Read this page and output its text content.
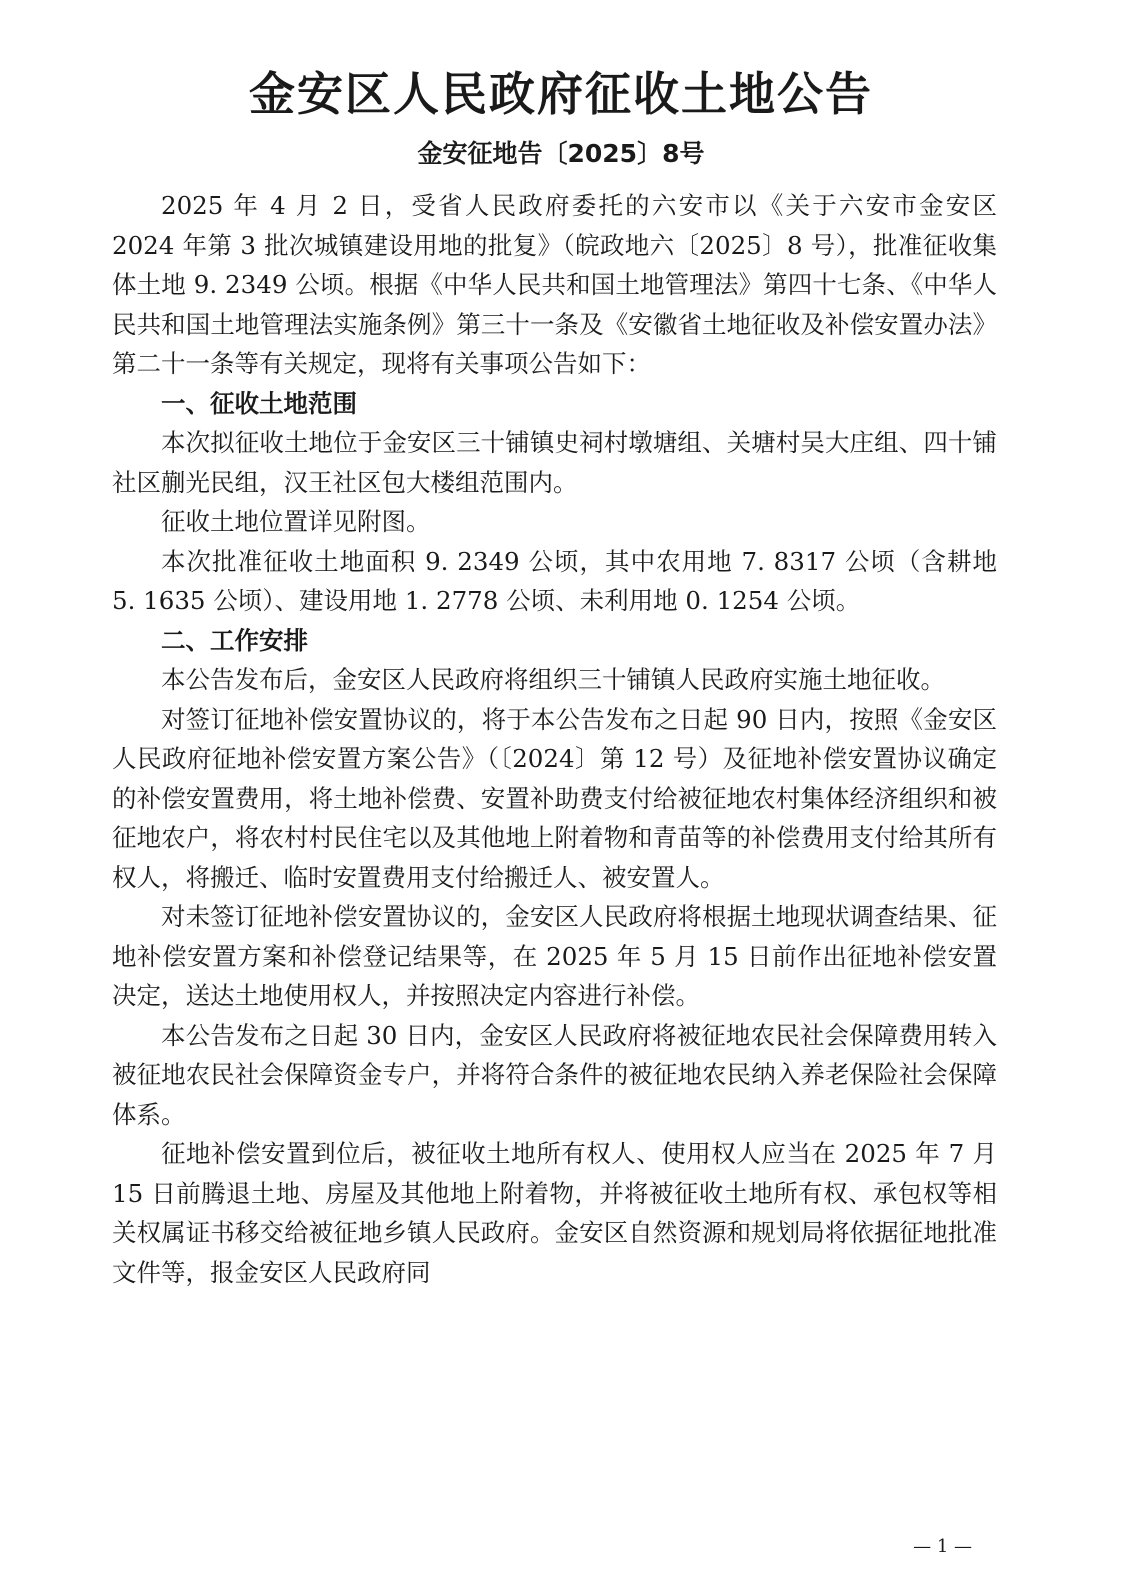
金安区人民政府征收土地公告
金安征地告〔2025〕8号

2025 年 4 月 2 日，受省人民政府委托的六安市以《关于六安市金安区 2024 年第 3 批次城镇建设用地的批复》（皖政地六〔2025〕8 号），批准征收集体土地 9. 2349 公顷。根据《中华人民共和国土地管理法》第四十七条、《中华人民共和国土地管理法实施条例》第三十一条及《安徽省土地征收及补偿安置办法》第二十一条等有关规定，现将有关事项公告如下：

一、征收土地范围

本次拟征收土地位于金安区三十铺镇史祠村墩塘组、关塘村吴大庄组、四十铺社区蒯光民组，汉王社区包大楼组范围内。

征收土地位置详见附图。

本次批准征收土地面积 9. 2349 公顷，其中农用地 7. 8317 公顷（含耕地 5. 1635 公顷）、建设用地 1. 2778 公顷、未利用地 0. 1254 公顷。

二、工作安排

本公告发布后，金安区人民政府将组织三十铺镇人民政府实施土地征收。

对签订征地补偿安置协议的，将于本公告发布之日起 90 日内，按照《金安区人民政府征地补偿安置方案公告》（〔2024〕第 12 号）及征地补偿安置协议确定的补偿安置费用，将土地补偿费、安置补助费支付给被征地农村集体经济组织和被征地农户，将农村村民住宅以及其他地上附着物和青苗等的补偿费用支付给其所有权人，将搬迁、临时安置费用支付给搬迁人、被安置人。

对未签订征地补偿安置协议的，金安区人民政府将根据土地现状调查结果、征地补偿安置方案和补偿登记结果等，在 2025 年 5 月 15 日前作出征地补偿安置决定，送达土地使用权人，并按照决定内容进行补偿。

本公告发布之日起 30 日内，金安区人民政府将被征地农民社会保障费用转入被征地农民社会保障资金专户，并将符合条件的被征地农民纳入养老保险社会保障体系。

征地补偿安置到位后，被征收土地所有权人、使用权人应当在 2025 年 7 月 15 日前腾退土地、房屋及其他地上附着物，并将被征收土地所有权、承包权等相关权属证书移交给被征地乡镇人民政府。金安区自然资源和规划局将依据征地批准文件等，报金安区人民政府同

— 1 —
